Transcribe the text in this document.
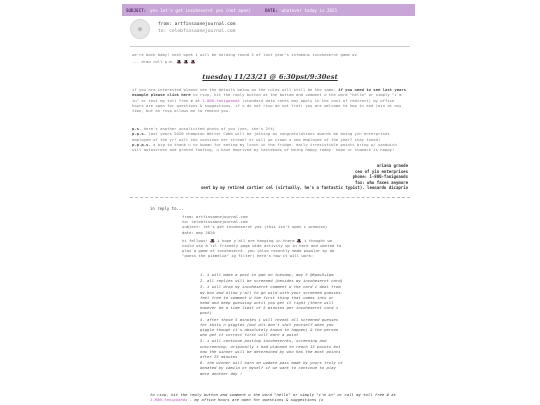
SUBJECT: yes let's get incohesernt yes (not open)	DATE: whatever today is 2021
●
from: artfinsaanejournal.com
to: celebfinsaanejournal.com
we're back baby! next week i will be holding round 2 of last year's infamous incohesernt game ov
... draw roll p.m. 🎩 🎩 🎩
tuesday 11/23/21 @ 6:30pst/9:30est
if you are interested please see the details below on the rules will still be the same. if you need to see last years example please click here to rsvp, hit the reply button at the bottom and comment w the word "hello" or simply "i'm in" or text my toll free # at 1-800-fanigoands (standard data rates may apply in the cost of redirect) my office hours are open for questions & suggestions. if u do not rsvp do not fret! you are welcome to hop in and join at any time, but an rsvp allows me to remind you.
p.s. here's another unsolicited photo of you (yes, she's 2ft)
p.p.s. last years 2020 champion Walter Cobb will be joining as congratulations awards me being yin enterprises employee of the yr! will she continue her streak? or will we crown a new employee of the year? stay tuned!
p.p.p.s. a big to thank u to kwoan for eating my lunch in the fridge. daily irresistible points bring w/ sandwich will autoscreen and grated footing, u have deprived my tastebuds of being happy today. hope ur stomach is happy!
ariana grande
ceo of yin enterprises
phone: 1-800-fanigoands
fax: who faxes anymore
sent by my retired cartier cel (virtually, he's a fantastic typist). leonardo dicaprio
in reply to...
from: artfinsaanejournal.com
to: celebfinsaanejournal.com
subject: let's get incohesernt yes (this isn't open i promise)
date: may 2020
hi fellows! 🎩 i hope y'all are hanging in there 🎩 i thought we could use a lil friendly page wide activity up in here and wanted to play a game of incohesernt. you (also recently made popular by da "guess the pikmelia" ig filter) here's how it will work:
1. i will make a post in gab on tuesday, may 5 @6pm+9+1pm
2. all replies will be screened (besides my incohesernt card)
3. i will drop my incohesernt comment w the card i deal from my box and allow y'all to go wild with your screened guesses. feel free to comment w the first thing that comes into ur head and keep guessing until you get it right (there will however be a time limit of 5 minutes per incohesernt card i post)
4. after those 5 minutes i will reveal all screened guesses for shits n giggles (but pls don't shit yourself when you giggle though it's absolutely known to happen) & the person who got it correct first will earn a point
5. i will continue posting incohesernts, screening and unscreening. originally i had planned to reach 15 points but now the winner will be determined by who has the most points after 25 minutes
6. the winner will earn an update pass made by yours truly or donated by camila or myself if we want to continue to play more another day !
to rsvp, hit the reply button and comment w the word "hello" or simply "i'm in" or call my toll free # at 1-800-fanigoands . my office hours are open for questions & suggestions (x
